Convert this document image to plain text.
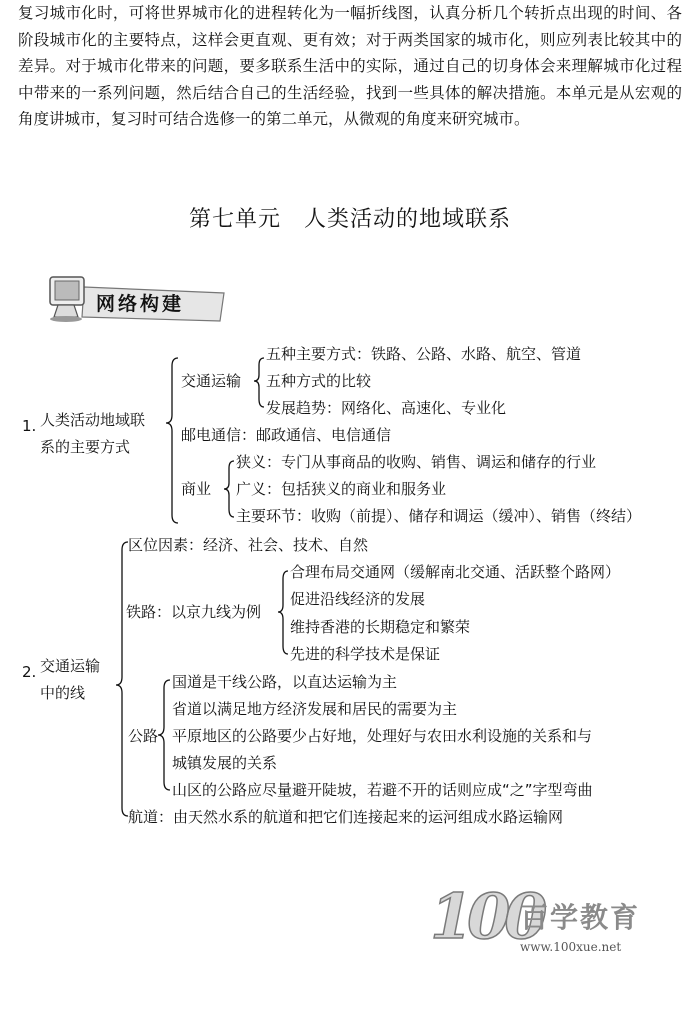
复习城市化时，可将世界城市化的进程转化为一幅折线图，认真分析几个转折点出现的时间、各阶段城市化的主要特点，这样会更直观、更有效；对于两类国家的城市化，则应列表比较其中的差异。对于城市化带来的问题，要多联系生活中的实际，通过自己的切身体会来理解城市化过程中带来的一系列问题，然后结合自己的生活经验，找到一些具体的解决措施。本单元是从宏观的角度讲城市，复习时可结合选修一的第二单元，从微观的角度来研究城市。

第七单元　人类活动的地域联系
网络构建
1. 人类活动地域联
系的主要方式
交通运输
五种主要方式：铁路、公路、水路、航空、管道
五种方式的比较
发展趋势：网络化、高速化、专业化
邮电通信：邮政通信、电信通信
商业
狭义：专门从事商品的收购、销售、调运和储存的行业
广义：包括狭义的商业和服务业
主要环节：收购（前提）、储存和调运（缓冲）、销售（终结）
2. 交通运输
中的线
区位因素：经济、社会、技术、自然
铁路：以京九线为例
合理布局交通网（缓解南北交通、活跃整个路网）
促进沿线经济的发展
维持香港的长期稳定和繁荣
先进的科学技术是保证
公路
国道是干线公路，以直达运输为主
省道以满足地方经济发展和居民的需要为主
平原地区的公路要少占好地，处理好与农田水利设施的关系和与
城镇发展的关系
山区的公路应尽量避开陡坡，若避不开的话则应成“之”字型弯曲
航道：由天然水系的航道和把它们连接起来的运河组成水路运输网
100
百学教育
www.100xue.net
